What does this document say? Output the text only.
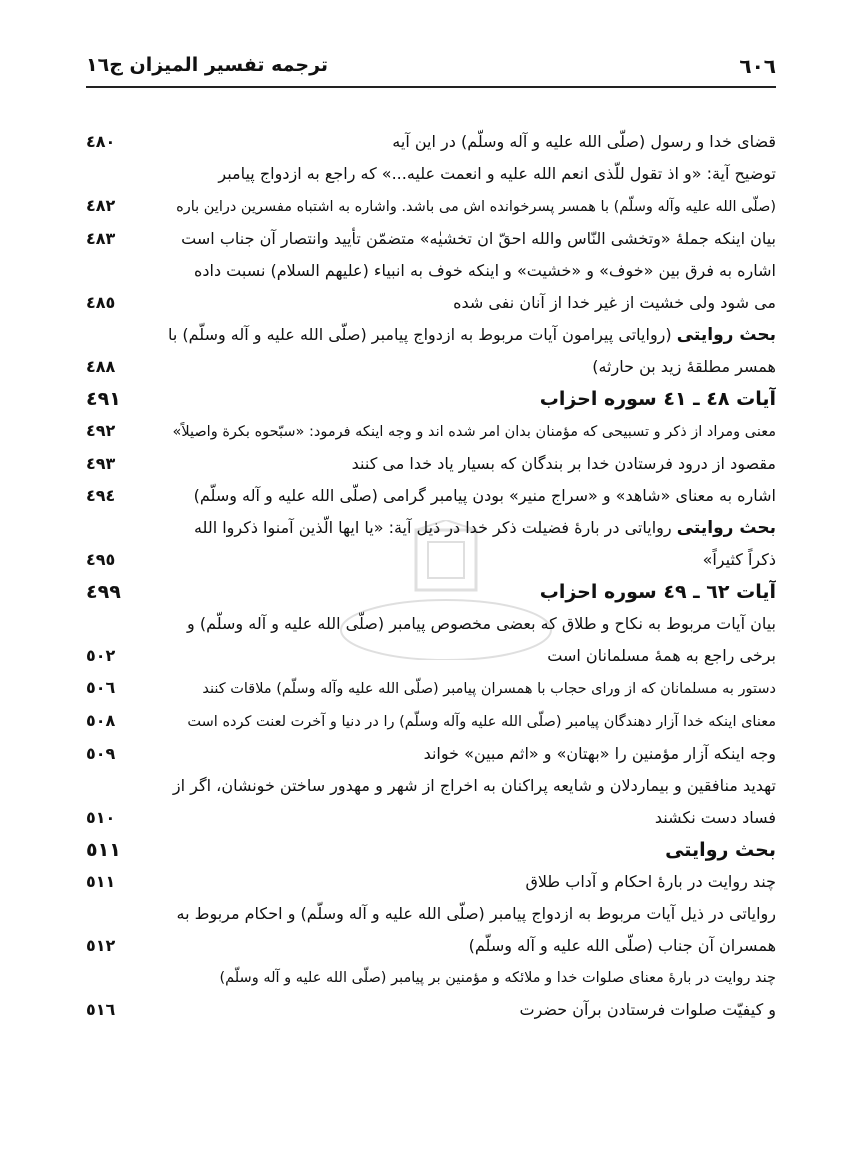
٦٠٦
ترجمه تفسير الميزان ج١٦
قضای خدا و رسول (صلّی الله علیه و آله وسلّم) در این آیه
٤٨٠
توضیح آیة: «و اذ تقول للّذی انعم الله علیه و انعمت علیه...» که راجع به ازدواج پیامبر
(صلّی الله علیه وآله وسلّم) با همسر پسرخوانده اش می باشد. واشاره به اشتباه مفسرین دراین باره
٤٨٢
بیان اینکه جملهٔ «وتخشی النّاس والله احقّ ان تخشیٰه» متضمّن تأیید وانتصار آن جناب است
٤٨٣
اشاره به فرق بین «خوف» و «خشیت» و اینکه خوف به انبیاء (علیهم السلام) نسبت داده
می شود ولی خشیت از غیر خدا از آنان نفی شده
٤٨٥
بحث روایتی (روایاتی پیرامون آیات مربوط به ازدواج پیامبر (صلّی الله علیه و آله وسلّم) با
همسر مطلقهٔ زید بن حارثه)
٤٨٨
آیات ٤٨ ـ ٤١ سوره احزاب
٤٩١
معنی ومراد از ذکر و تسبیحی که مؤمنان بدان امر شده اند و وجه اینکه فرمود: «سبّحوه بکرة واصیلاً»
٤٩٢
مقصود از درود فرستادن خدا بر بندگان که بسیار یاد خدا می کنند
٤٩٣
اشاره به معنای «شاهد» و «سراج منیر» بودن پیامبر گرامی (صلّی الله علیه و آله وسلّم)
٤٩٤
بحث روایتی روایاتی در بارهٔ فضیلت ذکر خدا در ذیل آیة: «یا ایها الّذین آمنوا ذکروا الله
ذکراً کثیراً»
٤٩٥
آیات ٦٢ ـ ٤٩ سوره احزاب
٤٩٩
بیان آیات مربوط به نکاح و طلاق که بعضی مخصوص پیامبر (صلّی الله علیه و آله وسلّم) و
برخی راجع به همهٔ مسلمانان است
٥٠٢
دستور به مسلمانان که از ورای حجاب با همسران پیامبر (صلّی الله علیه وآله وسلّم) ملاقات کنند
٥٠٦
معنای اینکه خدا آزار دهندگان پیامبر (صلّی الله علیه وآله وسلّم) را در دنیا و آخرت لعنت کرده است
٥٠٨
وجه اینکه آزار مؤمنین را «بهتان» و «اثم مبین» خواند
٥٠٩
تهدید منافقین و بیماردلان و شایعه پراکنان به اخراج از شهر و مهدور ساختن خونشان، اگر از
فساد دست نکشند
٥١٠
بحث روایتی
٥١١
چند روایت در بارهٔ احکام و آداب طلاق
٥١١
روایاتی در ذیل آیات مربوط به ازدواج پیامبر (صلّی الله علیه و آله وسلّم) و احکام مربوط به
همسران آن جناب (صلّی الله علیه و آله وسلّم)
٥١٢
چند روایت در بارهٔ معنای صلوات خدا و ملائکه و مؤمنین بر پیامبر (صلّی الله علیه و آله وسلّم)
و کیفیّت صلوات فرستادن برآن حضرت
٥١٦
